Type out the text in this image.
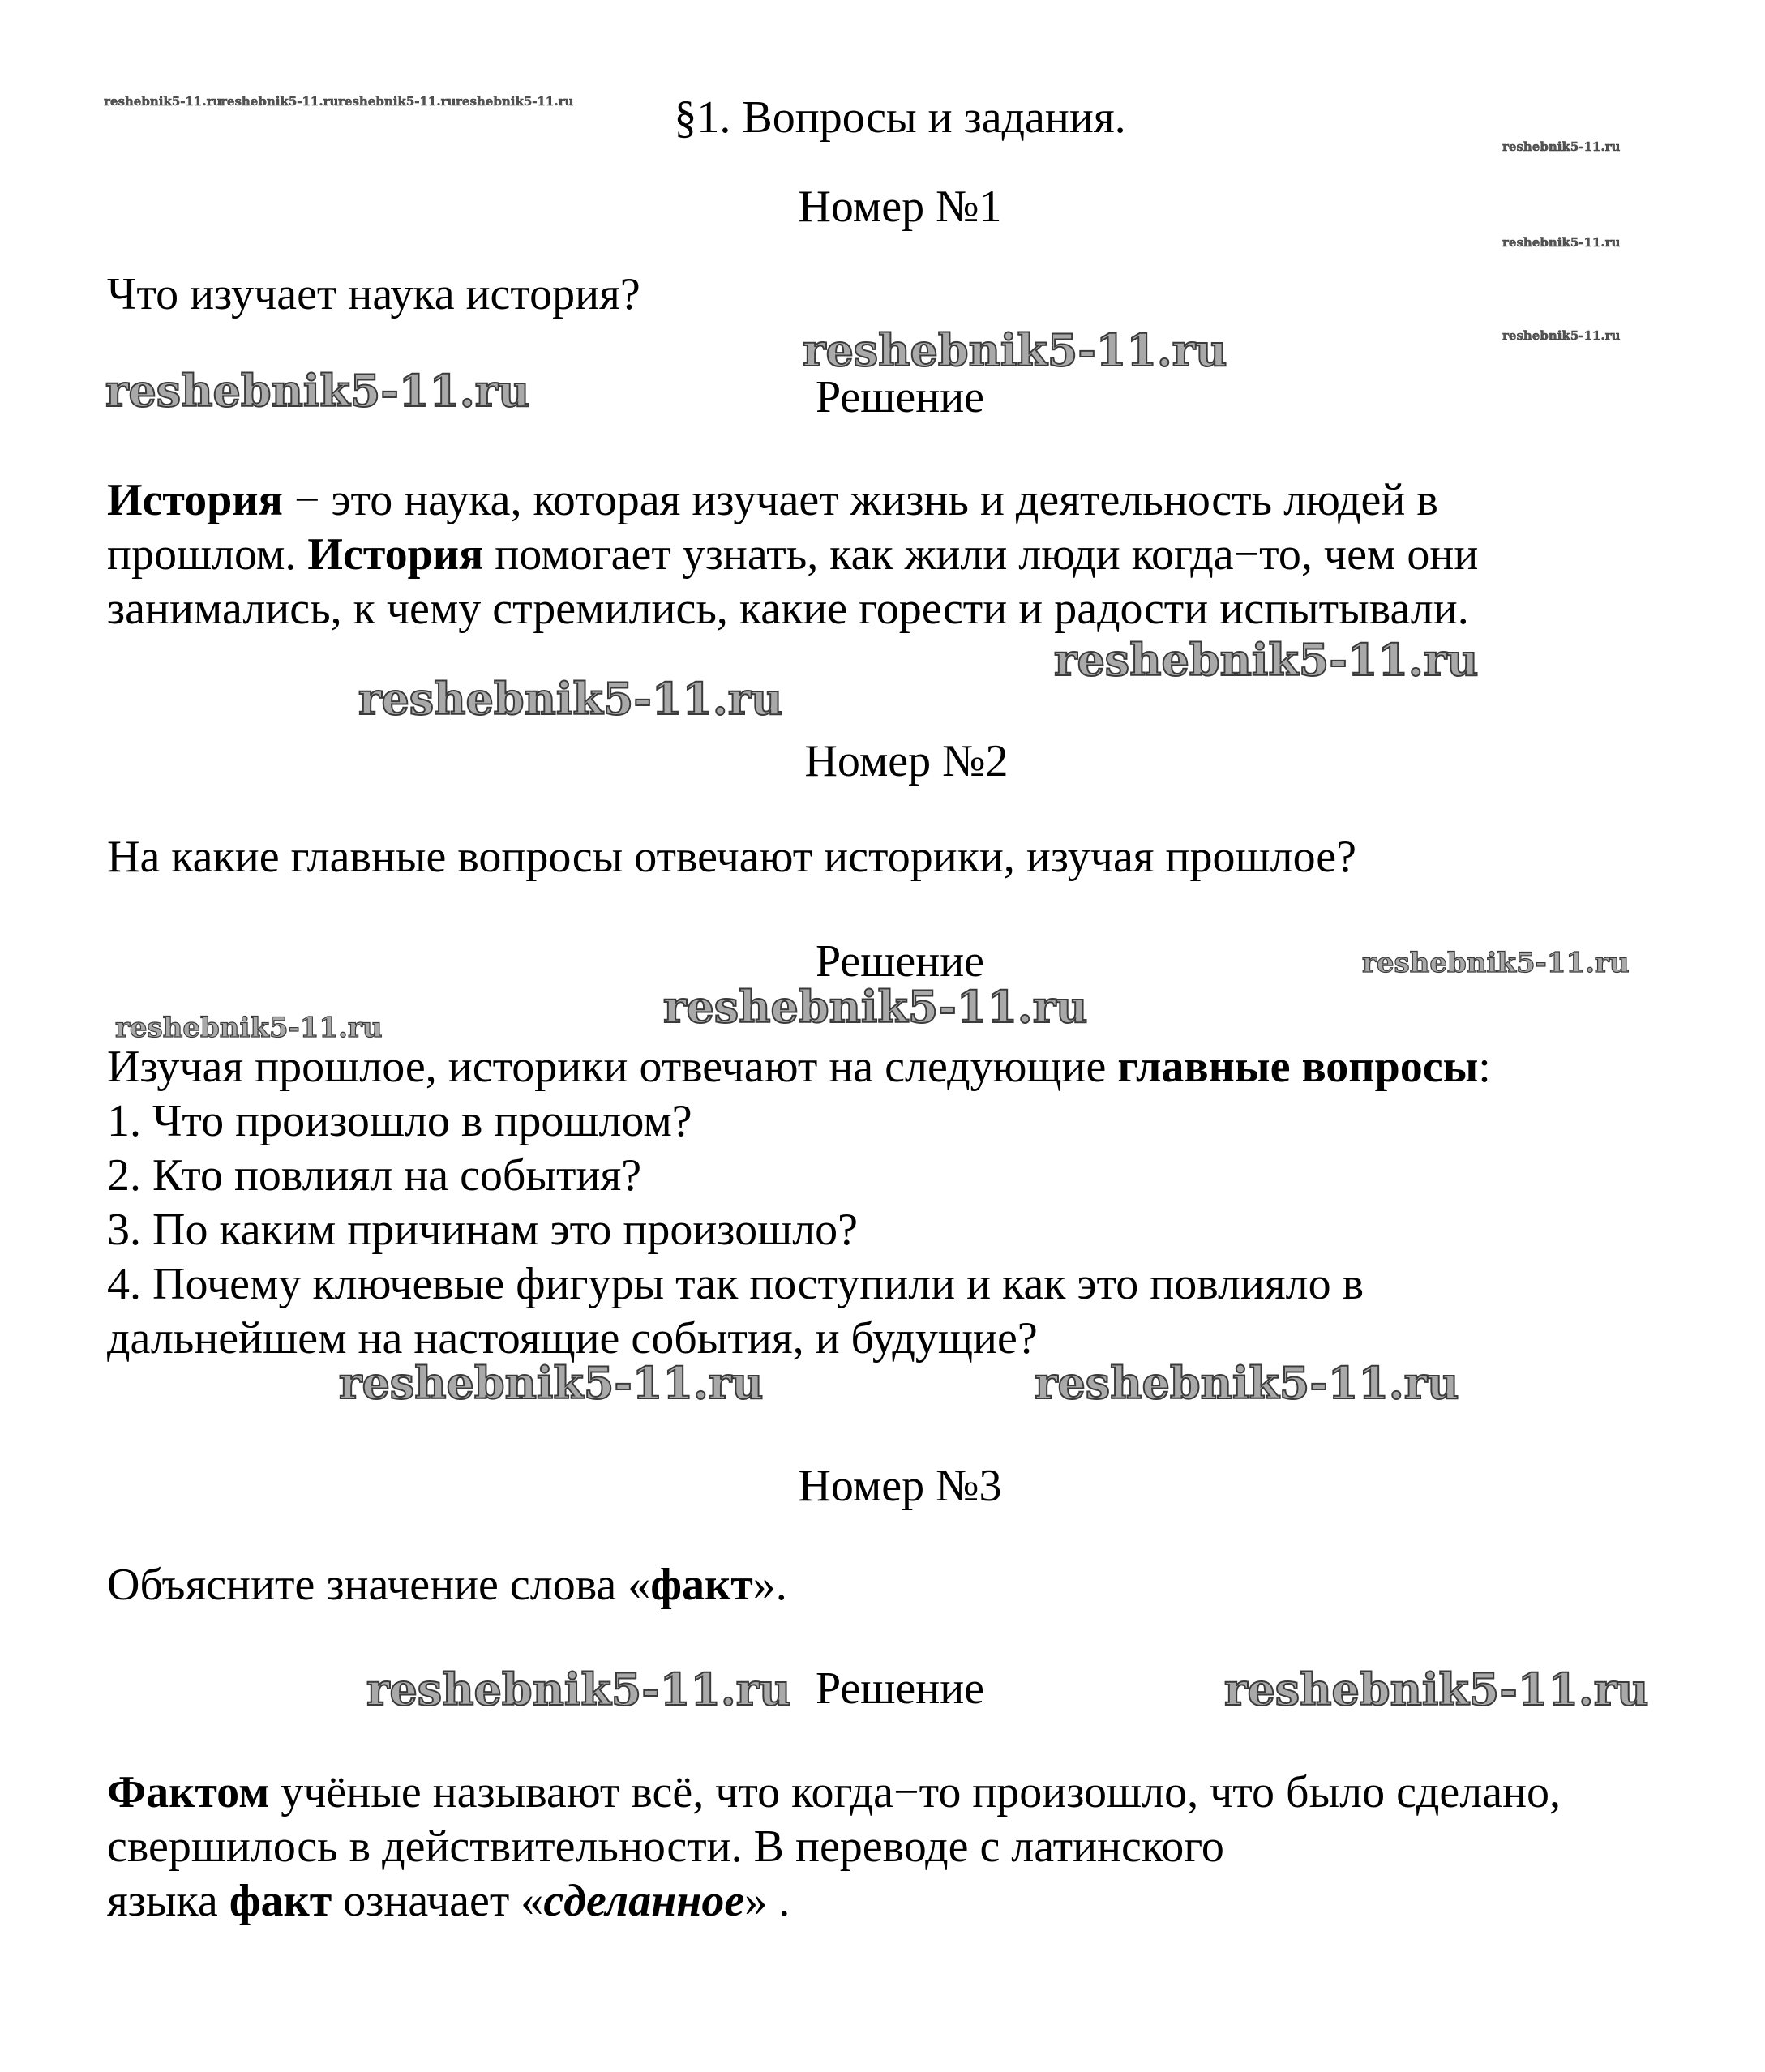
§1. Вопросы и задания.
reshebnik5-11.ru
reshebnik5-11.ru reshebnik5-11.ru reshebnik5-11.ru
reshebnik5-11.ru
reshebnik5-11.ru
reshebnik5-11.ru
Номер №1
Что изучает наука история?
reshebnik5-11.ru
reshebnik5-11.ru	Решение
История − это наука, которая изучает жизнь и деятельность людей в
прошлом. История помогает узнать, как жили люди когда−то, чем они
занимались, к чему стремились, какие горести и радости испытывали.
reshebnik5-11.ru
reshebnik5-11.ru
Номер №2
На какие главные вопросы отвечают историки, изучая прошлое?
Решение	reshebnik5-11.ru
reshebnik5-11.ru
reshebnik5-11.ru
Изучая прошлое, историки отвечают на следующие главные вопросы:
1. Что произошло в прошлом?
2. Кто повлиял на события?
3. По каким причинам это произошло?
4. Почему ключевые фигуры так поступили и как это повлияло в
дальнейшем на настоящие события, и будущие?
reshebnik5-11.ru	reshebnik5-11.ru
Номер №3
Объясните значение слова «факт».
reshebnik5-11.ru Решение	reshebnik5-11.ru
Фактом учёные называют всё, что когда−то произошло, что было сделано,
свершилось в действительности. В переводе с латинского
языка факт означает «сделанное» .
